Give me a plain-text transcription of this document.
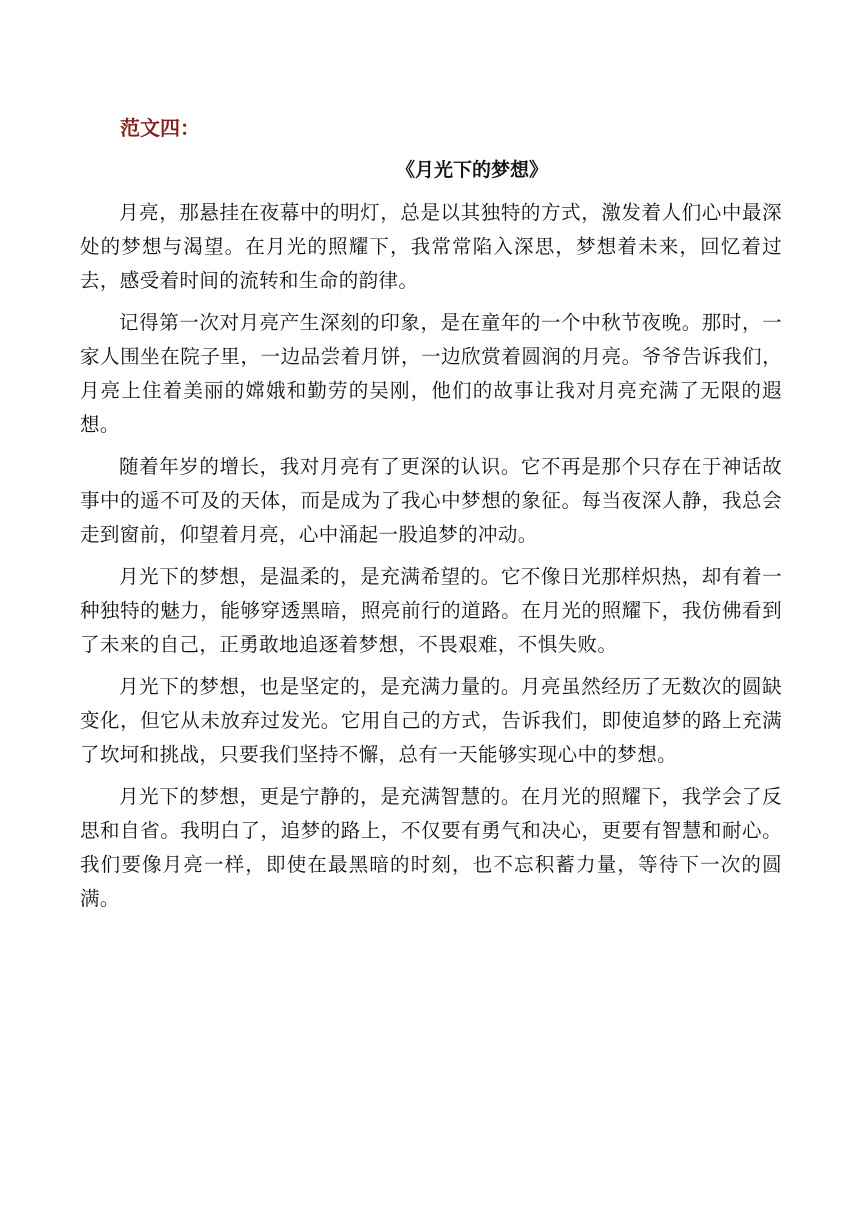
范文四：

《月光下的梦想》

月亮，那悬挂在夜幕中的明灯，总是以其独特的方式，激发着人们心中最深处的梦想与渴望。在月光的照耀下，我常常陷入深思，梦想着未来，回忆着过去，感受着时间的流转和生命的韵律。

记得第一次对月亮产生深刻的印象，是在童年的一个中秋节夜晚。那时，一家人围坐在院子里，一边品尝着月饼，一边欣赏着圆润的月亮。爷爷告诉我们，月亮上住着美丽的嫦娥和勤劳的吴刚，他们的故事让我对月亮充满了无限的遐想。

随着年岁的增长，我对月亮有了更深的认识。它不再是那个只存在于神话故事中的遥不可及的天体，而是成为了我心中梦想的象征。每当夜深人静，我总会走到窗前，仰望着月亮，心中涌起一股追梦的冲动。

月光下的梦想，是温柔的，是充满希望的。它不像日光那样炽热，却有着一种独特的魅力，能够穿透黑暗，照亮前行的道路。在月光的照耀下，我仿佛看到了未来的自己，正勇敢地追逐着梦想，不畏艰难，不惧失败。

月光下的梦想，也是坚定的，是充满力量的。月亮虽然经历了无数次的圆缺变化，但它从未放弃过发光。它用自己的方式，告诉我们，即使追梦的路上充满了坎坷和挑战，只要我们坚持不懈，总有一天能够实现心中的梦想。

月光下的梦想，更是宁静的，是充满智慧的。在月光的照耀下，我学会了反思和自省。我明白了，追梦的路上，不仅要有勇气和决心，更要有智慧和耐心。我们要像月亮一样，即使在最黑暗的时刻，也不忘积蓄力量，等待下一次的圆满。
